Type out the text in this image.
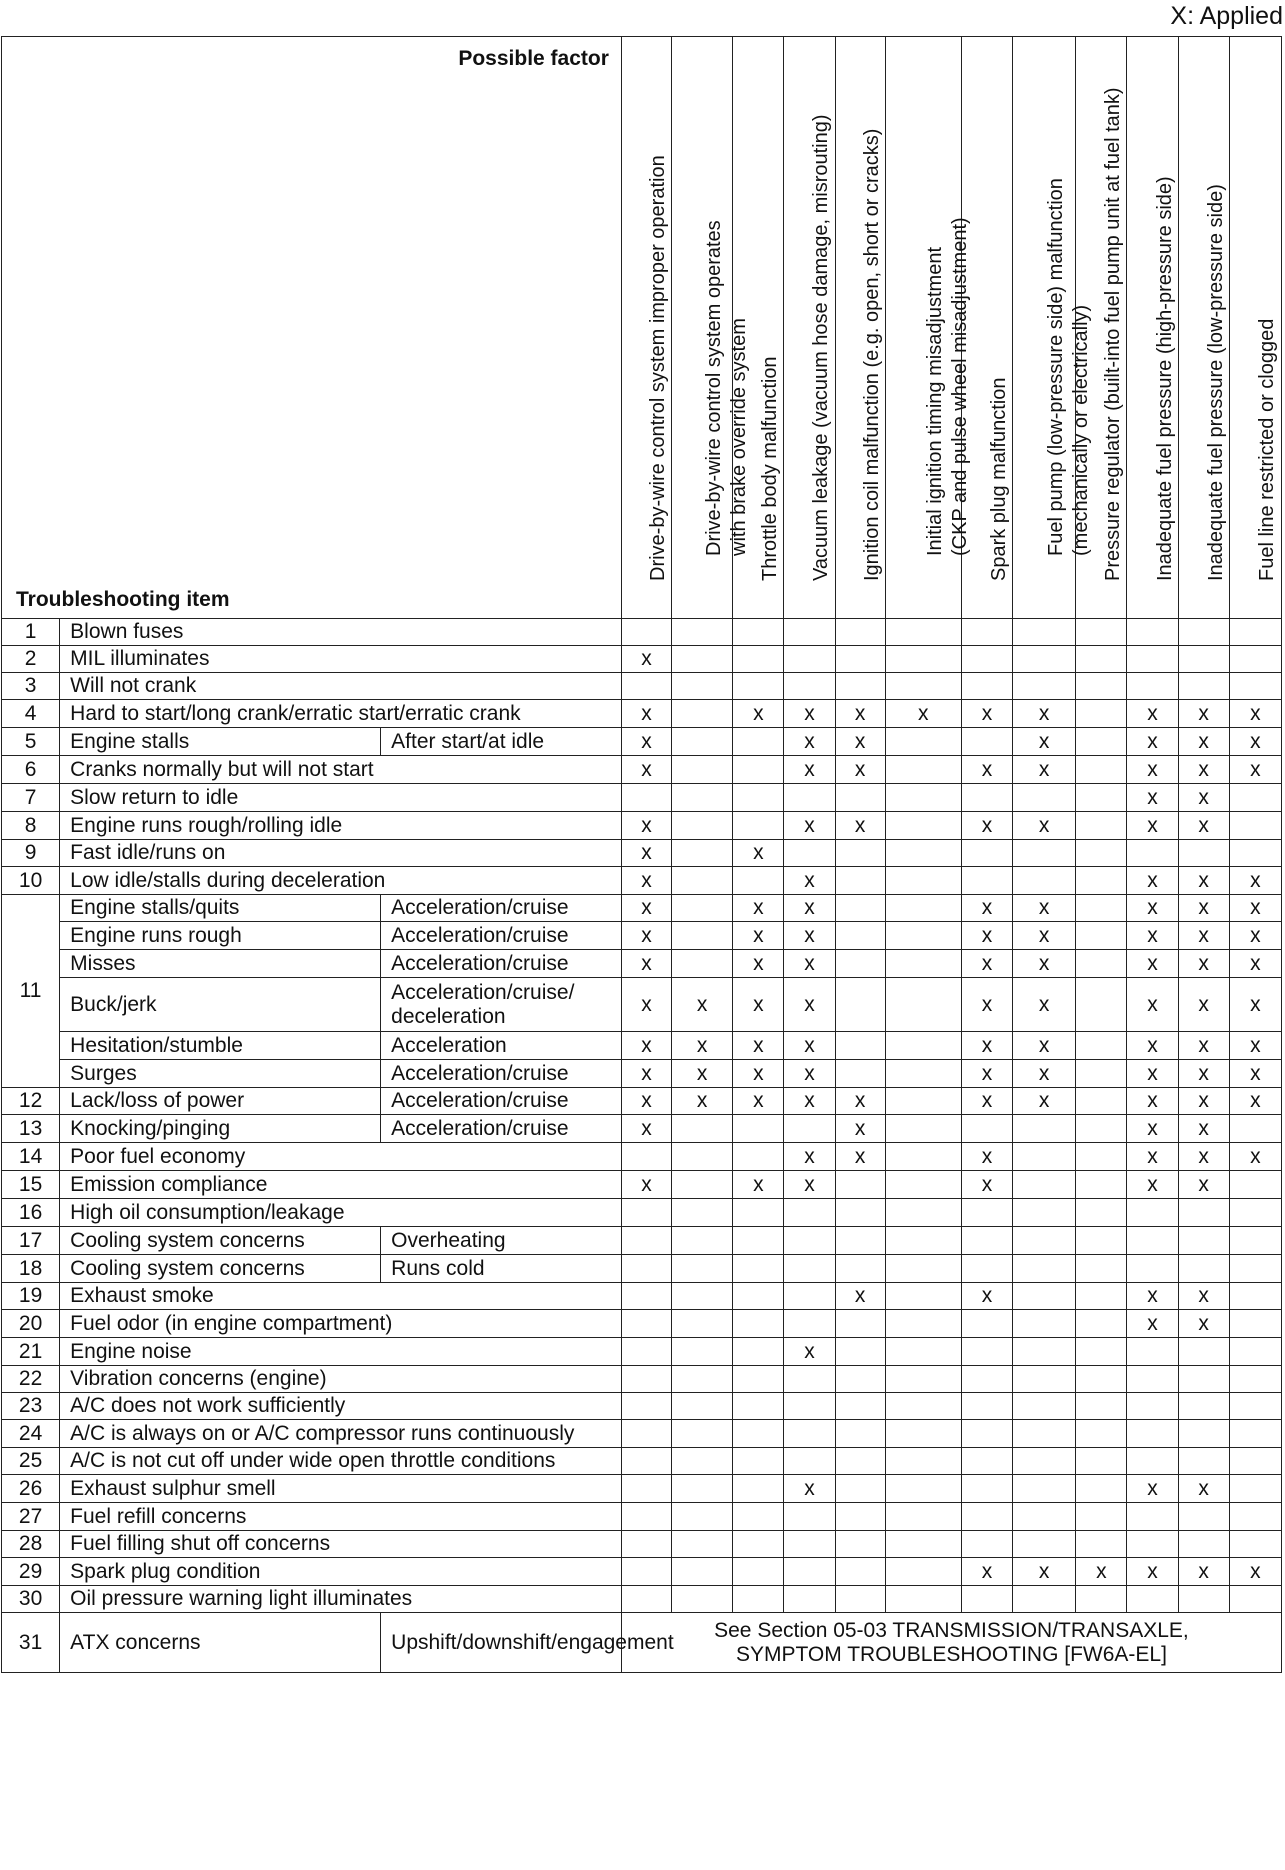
X: Applied
Possible factor
Troubleshooting item			Drive-by-wire control system improper operation	Drive-by-wire control system operates
with brake override system	Throttle body malfunction	Vacuum leakage (vacuum hose damage, misrouting)	Ignition coil malfunction (e.g. open, short or cracks)	Initial ignition timing misadjustment
(CKP and pulse wheel misadjustment)	Spark plug malfunction	Fuel pump (low-pressure side) malfunction
(mechanically or electrically)	Pressure regulator (built-into fuel pump unit at fuel tank)	Inadequate fuel pressure (high-pressure side)	Inadequate fuel pressure (low-pressure side)	Fuel line restricted or clogged

1	Blown fuses													
2	MIL illuminates		x											
3	Will not crank													
4	Hard to start/long crank/erratic start/erratic crank		x		x	x	x	x	x	x		x	x	x
5	Engine stalls	After start/at idle	x			x	x			x		x	x	x
6	Cranks normally but will not start		x			x	x		x	x		x	x	x
7	Slow return to idle											x	x	
8	Engine runs rough/rolling idle		x			x	x		x	x		x	x	
9	Fast idle/runs on		x		x									
10	Low idle/stalls during deceleration		x			x						x	x	x
11	Engine stalls/quits	Acceleration/cruise	x		x	x			x	x		x	x	x
	Engine runs rough	Acceleration/cruise	x		x	x			x	x		x	x	x
	Misses	Acceleration/cruise	x		x	x			x	x		x	x	x
	Buck/jerk	Acceleration/cruise/
deceleration	x	x	x	x			x	x		x	x	x
	Hesitation/stumble	Acceleration	x	x	x	x			x	x		x	x	x
	Surges	Acceleration/cruise	x	x	x	x			x	x		x	x	x
12	Lack/loss of power	Acceleration/cruise	x	x	x	x	x		x	x		x	x	x
13	Knocking/pinging	Acceleration/cruise	x				x					x	x	
14	Poor fuel economy					x	x		x			x	x	x
15	Emission compliance		x		x	x			x			x	x	
16	High oil consumption/leakage													
17	Cooling system concerns	Overheating												
18	Cooling system concerns	Runs cold												
19	Exhaust smoke						x		x			x	x	
20	Fuel odor (in engine compartment)											x	x	
21	Engine noise					x								
22	Vibration concerns (engine)													
23	A/C does not work sufficiently													
24	A/C is always on or A/C compressor runs continuously													
25	A/C is not cut off under wide open throttle conditions													
26	Exhaust sulphur smell					x						x	x	
27	Fuel refill concerns													
28	Fuel filling shut off concerns													
29	Spark plug condition								x	x	x	x	x	x
30	Oil pressure warning light illuminates													
31	ATX concerns	Upshift/downshift/engagement	See Section 05-03 TRANSMISSION/TRANSAXLE,
SYMPTOM TROUBLESHOOTING [FW6A-EL]											
